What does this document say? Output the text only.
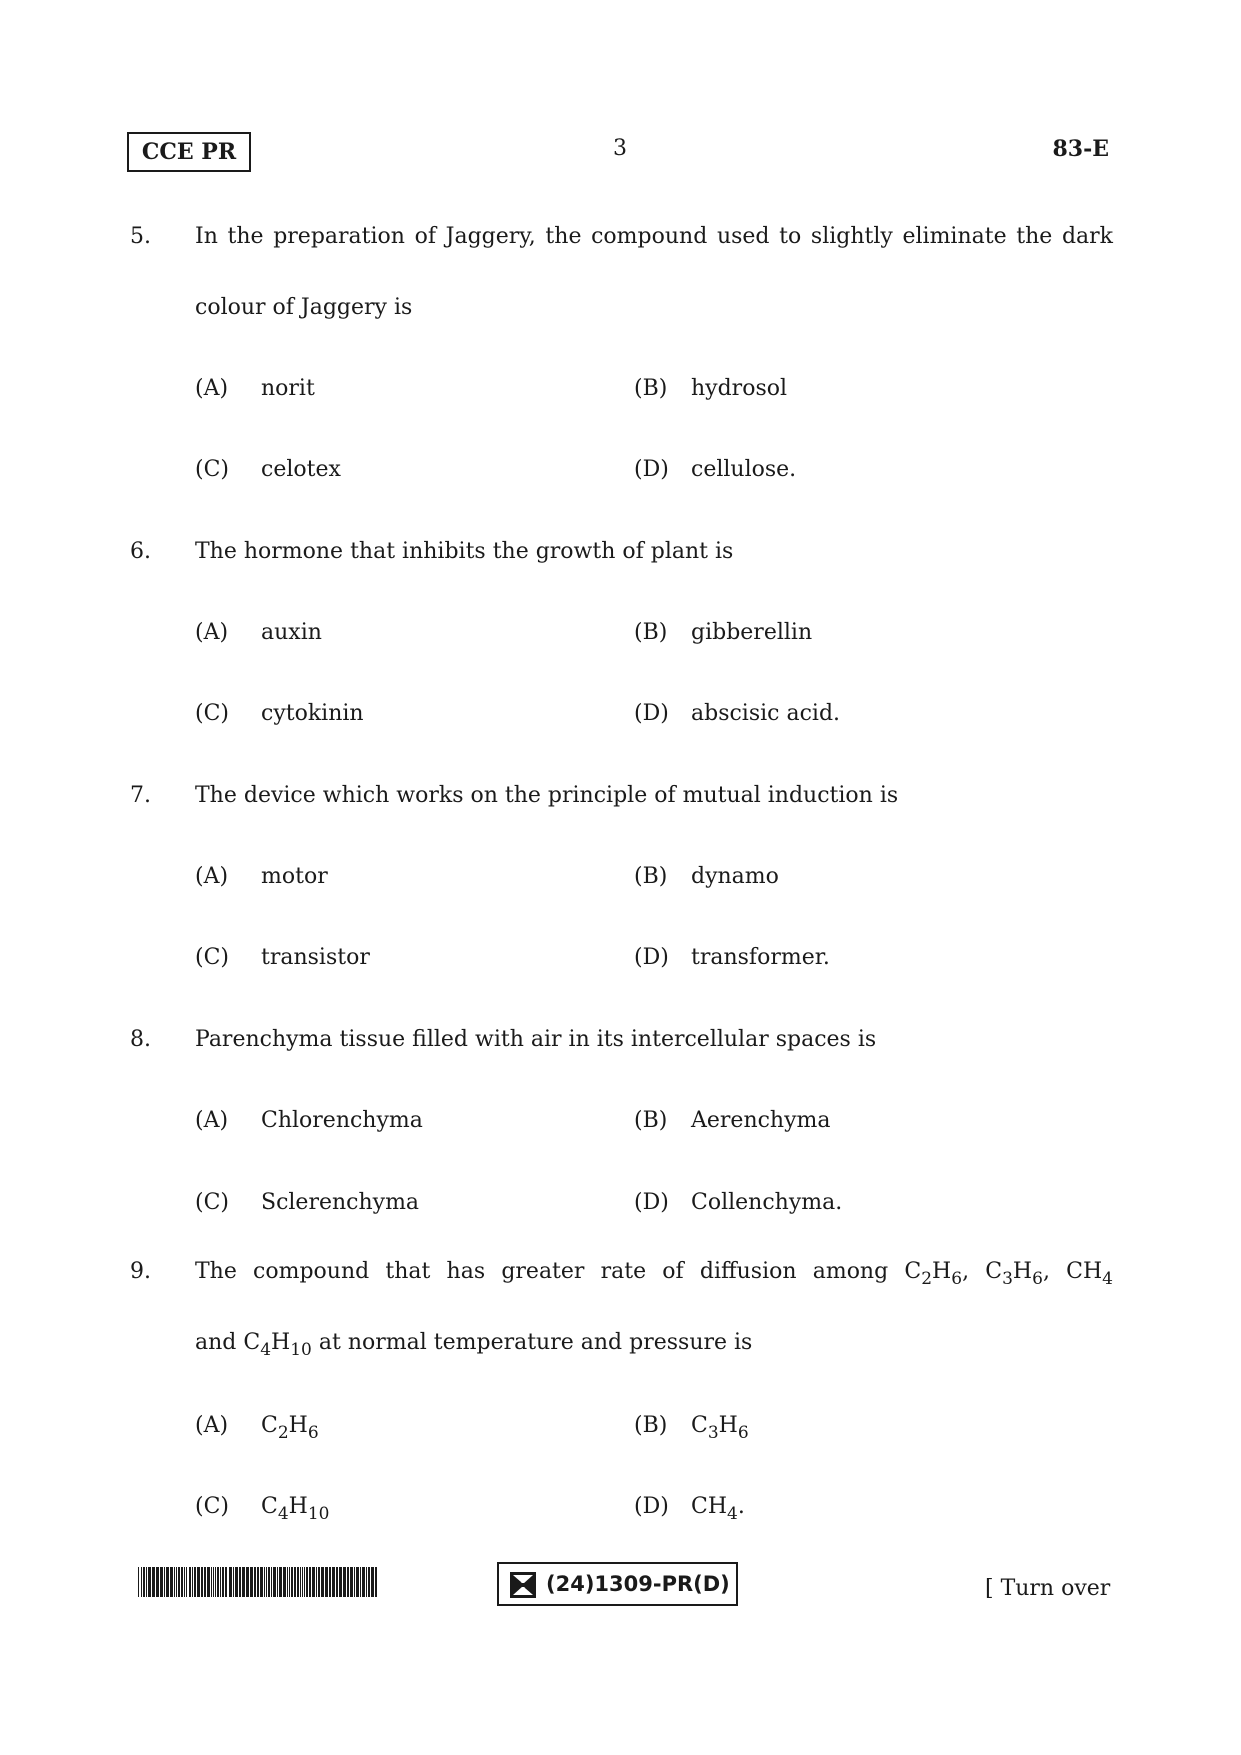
CCE PR	3	83-E
5.	In the preparation of Jaggery, the compound used to slightly eliminate the dark
colour of Jaggery is
(A) norit	(B) hydrosol
(C) celotex	(D) cellulose.
6.	The hormone that inhibits the growth of plant is
(A) auxin	(B) gibberellin
(C) cytokinin	(D) abscisic acid.
7.	The device which works on the principle of mutual induction is
(A) motor	(B) dynamo
(C) transistor	(D) transformer.
8.	Parenchyma tissue filled with air in its intercellular spaces is
(A) Chlorenchyma	(B) Aerenchyma
(C) Sclerenchyma	(D) Collenchyma.
9.	The compound that has greater rate of diffusion among $C_2H_6$, $C_3H_6$, $CH_4$
and $C_4H_{10}$ at normal temperature and pressure is
(A) $C_2H_6$	(B) $C_3H_6$
(C) $C_4H_{10}$	(D) $CH_4$.
(24)1309-PR(D)	[ Turn over
